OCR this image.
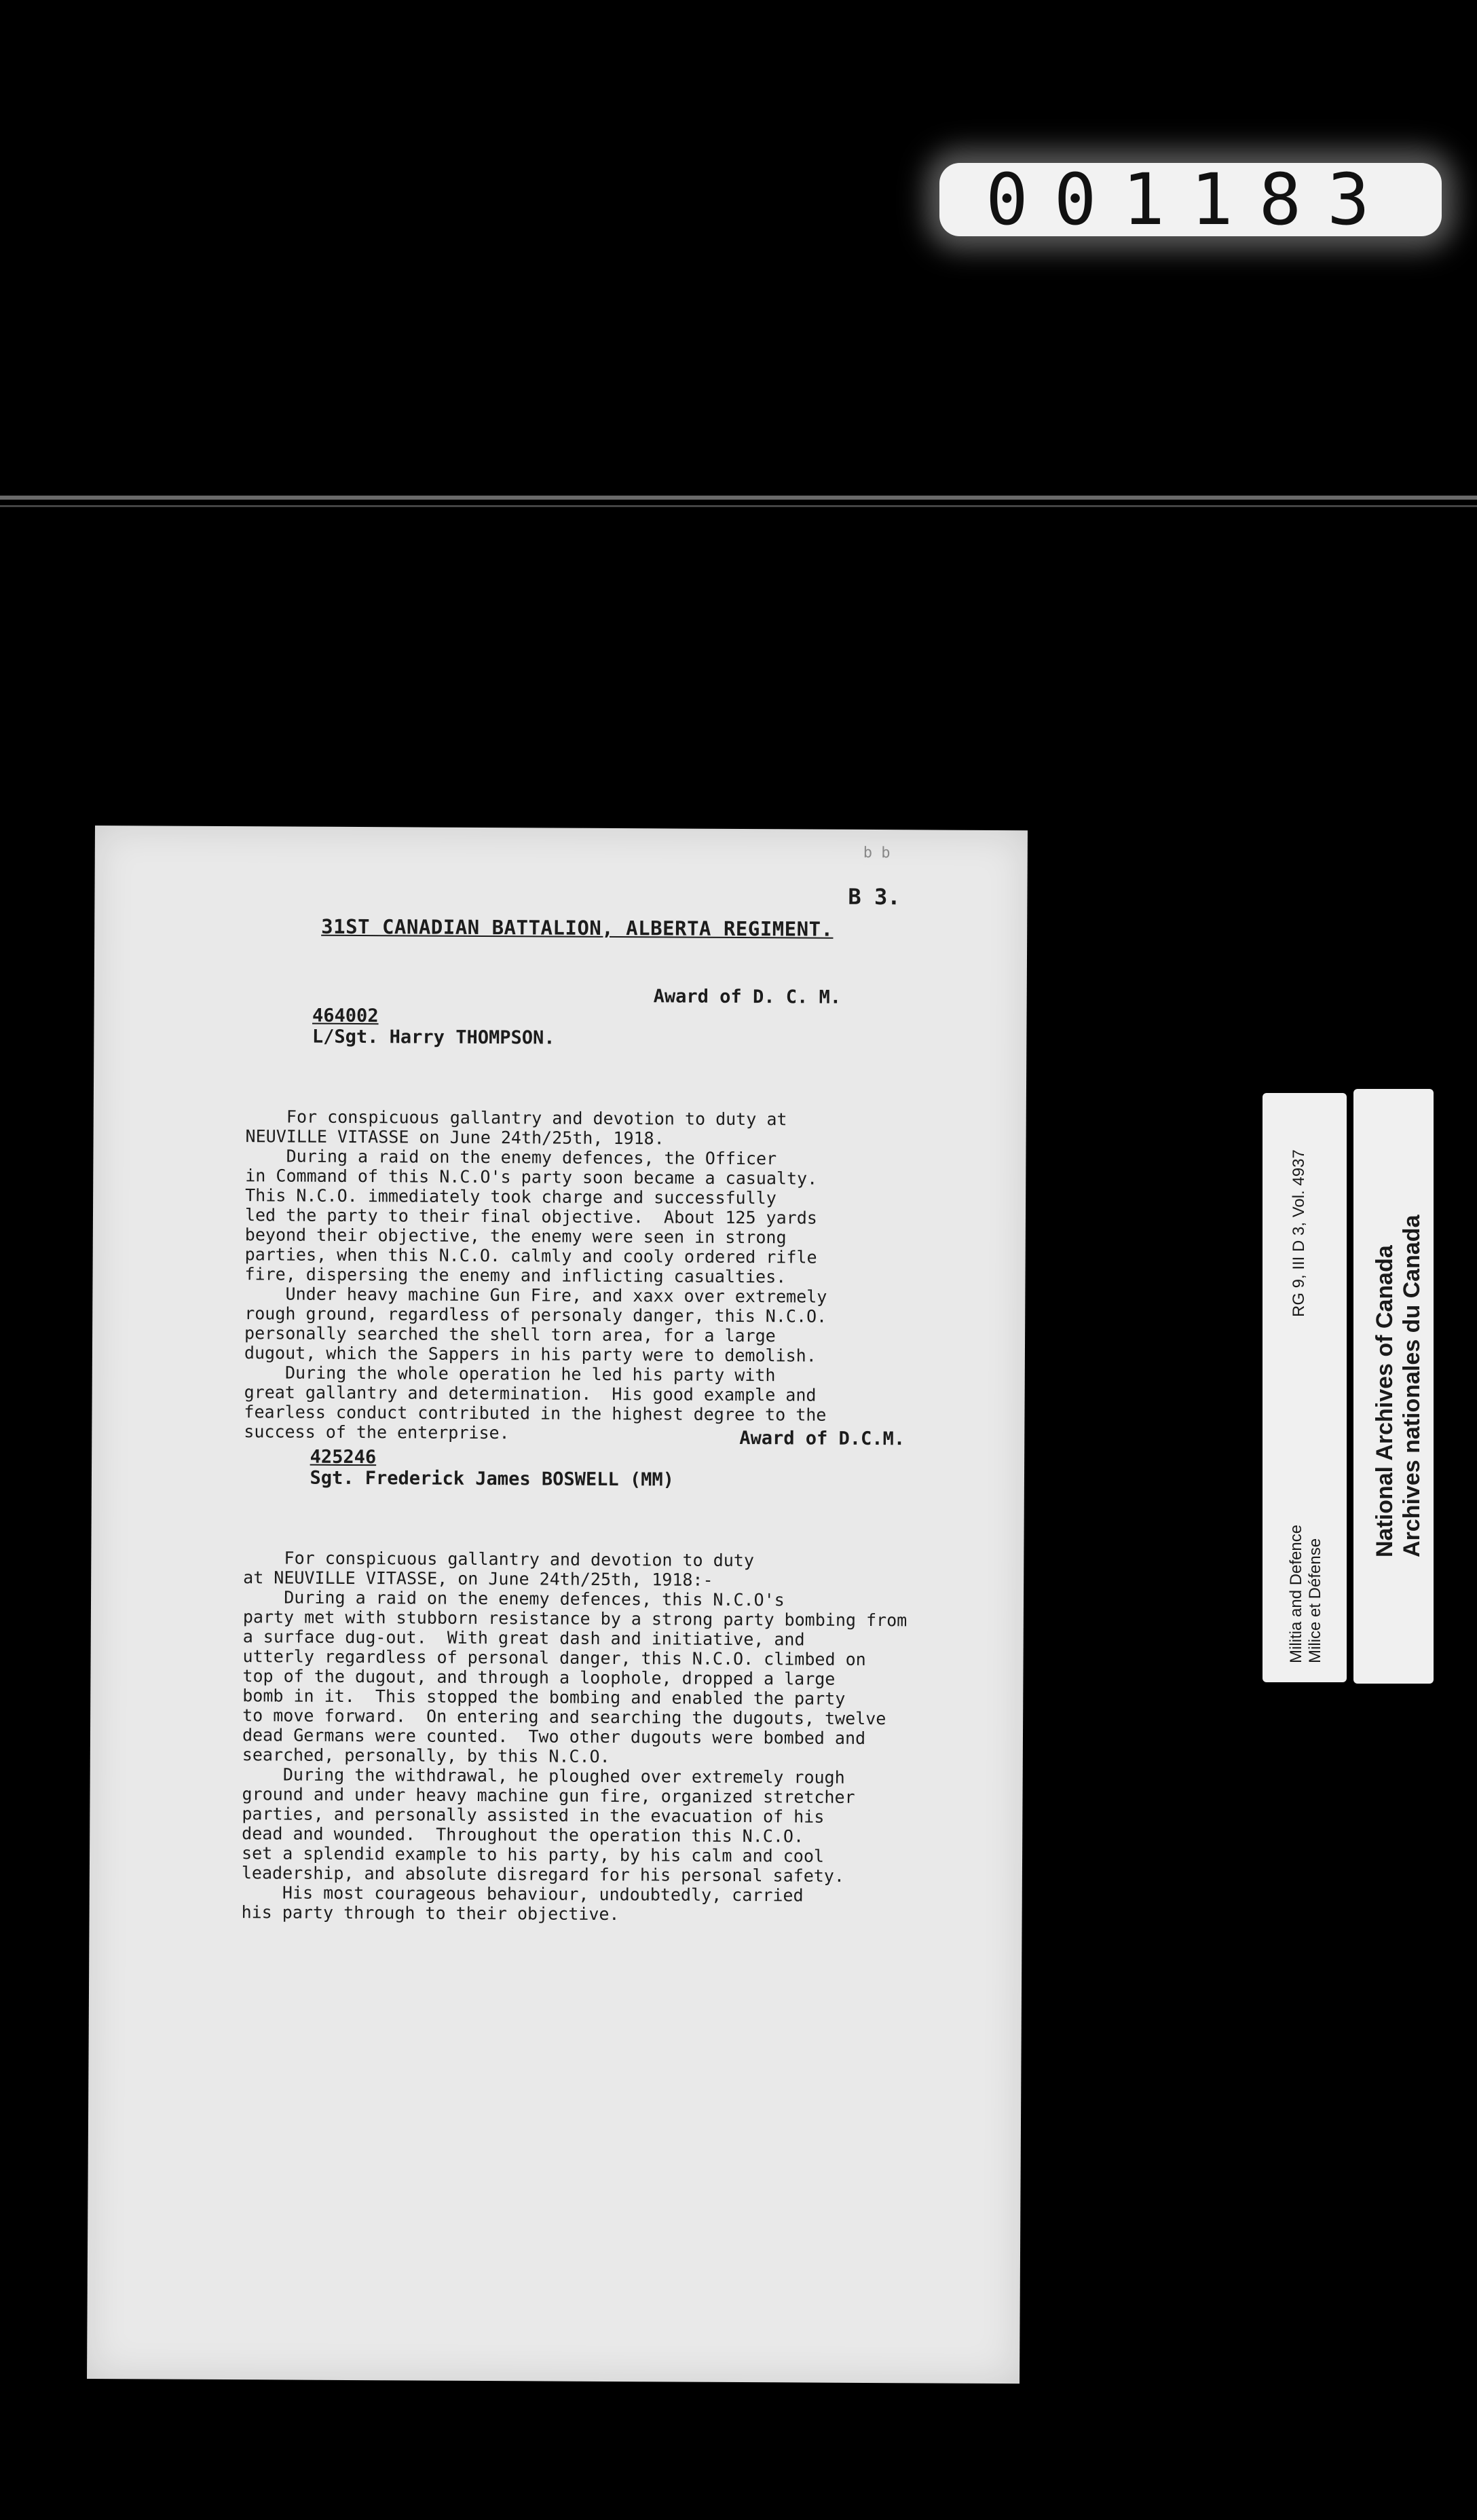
001183
b b
B 3.
31ST CANADIAN BATTALION, ALBERTA REGIMENT.

464002
L/Sgt. Harry THOMPSON.

Award of D. C. M.

For conspicuous gallantry and devotion to duty at
NEUVILLE VITASSE on June 24th/25th, 1918.
During a raid on the enemy defences, the Officer
in Command of this N.C.O's party soon became a casualty.
This N.C.O. immediately took charge and successfully
led the party to their final objective.  About 125 yards
beyond their objective, the enemy were seen in strong
parties, when this N.C.O. calmly and cooly ordered rifle
fire, dispersing the enemy and inflicting casualties.
Under heavy machine Gun Fire, and xaxx over extremely
rough ground, regardless of personaly danger, this N.C.O.
personally searched the shell torn area, for a large
dugout, which the Sappers in his party were to demolish.
During the whole operation he led his party with
great gallantry and determination.  His good example and
fearless conduct contributed in the highest degree to the
success of the enterprise.

425246
Sgt. Frederick James BOSWELL (MM)

Award of D.C.M.

For conspicuous gallantry and devotion to duty
at NEUVILLE VITASSE, on June 24th/25th, 1918:-
During a raid on the enemy defences, this N.C.O's
party met with stubborn resistance by a strong party bombing from
a surface dug-out.  With great dash and initiative, and
utterly regardless of personal danger, this N.C.O. climbed on
top of the dugout, and through a loophole, dropped a large
bomb in it.  This stopped the bombing and enabled the party
to move forward.  On entering and searching the dugouts, twelve
dead Germans were counted.  Two other dugouts were bombed and
searched, personally, by this N.C.O.
During the withdrawal, he ploughed over extremely rough
ground and under heavy machine gun fire, organized stretcher
parties, and personally assisted in the evacuation of his
dead and wounded.  Throughout the operation this N.C.O.
set a splendid example to his party, by his calm and cool
leadership, and absolute disregard for his personal safety.
His most courageous behaviour, undoubtedly, carried
his party through to their objective.
RG 9, III D 3, Vol. 4937
Militia and Defence
Milice et Défense
National Archives of Canada
Archives nationales du Canada
